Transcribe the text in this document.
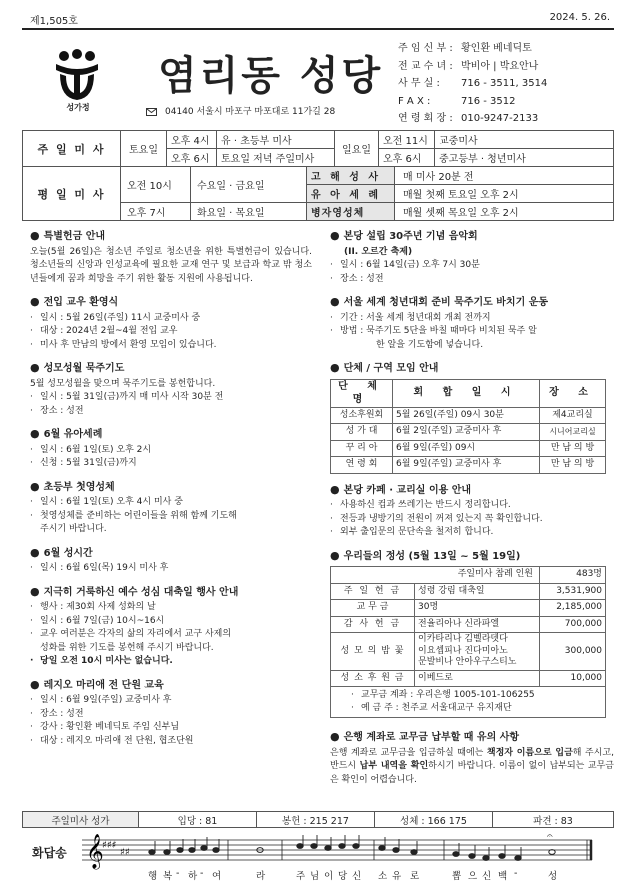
제1,505호	2024. 5. 26.
성가정
염리동 성당
04140 서울시 마포구 마포대로 11가길 28
주 임 신 부 : 황인환 베네딕토
전 교 수 녀 : 박비아 | 박요안나
사 무 실 : 716 - 3511, 3514
F A X :	716 - 3512
연 령 회 장 : 010-9247-2133
주 일 미 사	토요일	오후 4시	유 · 초등부 미사	일요일	오전 11시	교중미사
		오후 6시	토요일 저녁 주일미사		오후 6시	중고등부 · 청년미사
평 일 미 사	오전 10시	수요일 · 금요일	고 해 성 사	매 미사 20분 전
			유 아 세 례	매월 첫째 토요일 오후 2시
	오후 7시	화요일 · 목요일	병자영성체	매월 셋째 목요일 오후 2시
● 특별헌금 안내
오늘(5월 26일)은 청소년 주일로 청소년을 위한 특별헌금이 있습니다. 청소년들의 신앙과 인성교육에 필요한 교재 연구 및 보급과 학교 밖 청소년들에게 꿈과 희망을 주기 위한 활동 지원에 사용됩니다.
● 전입 교우 환영식
· 일시 : 5월 26일(주일) 11시 교중미사 중
· 대상 : 2024년 2월~4월 전입 교우
· 미사 후 만남의 방에서 환영 모임이 있습니다.
● 성모성월 묵주기도
5월 성모성월을 맞으며 묵주기도를 봉헌합니다.
· 일시 : 5월 31일(금)까지 매 미사 시작 30분 전
· 장소 : 성전
● 6월 유아세례
· 일시 : 6월 1일(토) 오후 2시
· 신청 : 5월 31일(금)까지
● 초등부 첫영성체
· 일시 : 6월 1일(토) 오후 4시 미사 중
· 첫영성체를 준비하는 어린이들을 위해 함께 기도해
주시기 바랍니다.
● 6월 성시간
· 일시 : 6월 6일(목) 19시 미사 후
● 지극히 거룩하신 예수 성심 대축일 행사 안내
· 행사 : 제30회 사제 성화의 날
· 일시 : 6월 7일(금) 10시~16시
· 교우 여러분은 각자의 삶의 자리에서 교구 사제의
성화를 위한 기도를 봉헌해 주시기 바랍니다.
· 당일 오전 10시 미사는 없습니다.
● 레지오 마리애 전 단원 교육
· 일시 : 6월 9일(주일) 교중미사 후
· 장소 : 성전
· 강사 : 황인환 베네딕토 주임 신부님
· 대상 : 레지오 마리애 전 단원, 협조단원
● 본당 설립 30주년 기념 음악회
(II. 오르간 축제)
· 일시 : 6월 14일(금) 오후 7시 30분
· 장소 : 성전
● 서울 세계 청년대회 준비 묵주기도 바치기 운동
· 기간 : 서울 세계 청년대회 개최 전까지
· 방법 : 묵주기도 5단을 바칠 때마다 비치된 묵주 알
한 알을 기도함에 넣습니다.
● 단체 / 구역 모임 안내
단 체 명	회 합 일 시	장 소
성소후원회	5월 26일(주일) 09시 30분	제4교리실
성 가 대	6월 2일(주일) 교중미사 후	시니어교리실
꾸 리 아	6월 9일(주일) 09시	만 남 의 방
연 령 회	6월 9일(주일) 교중미사 후	만 남 의 방
● 본당 카페 · 교리실 이용 안내
· 사용하신 컵과 쓰레기는 반드시 정리합니다.
· 전등과 냉방기의 전원이 꺼져 있는지 꼭 확인합니다.
· 외부 출입문의 문단속을 철저히 합니다.
● 우리들의 정성 (5월 13일 ~ 5월 19일)
주일미사 참례 인원		483명
주 일 헌 금	성령 강림 대축일	3,531,900
교 무 금	30명	2,185,000
감 사 헌 금	전율리아나 신라파엘	700,000
성 모 의 밤 꽃	이카타리나 김벨라뎃다
이요셉피나 진다미아노
문발비나 안아우구스티노	300,000
성 소 후 원 금	이베드로	10,000

· 교무금 계좌 : 우리은행 1005-101-106255
· 예 금 주 : 천주교 서울대교구 유지재단
● 은행 계좌로 교무금 납부할 때 유의 사항
은행 계좌로 교무금을 입금하실 때에는 책정자 이름으로 입금해 주시고, 반드시 납부 내역을 확인하시기 바랍니다. 이름이 없이 납부되는 교무금은 확인이 어렵습니다.
주일미사 성가	입당 : 81	봉헌 : 215 217	성체 : 166 175	파견 : 83
화답송 𝄞
♯♯♯
♯♯
𝄐
행 복 - 하 - 여	라	주 님 이 당 신 소 유 로	뽑 으 신 백 -	성
